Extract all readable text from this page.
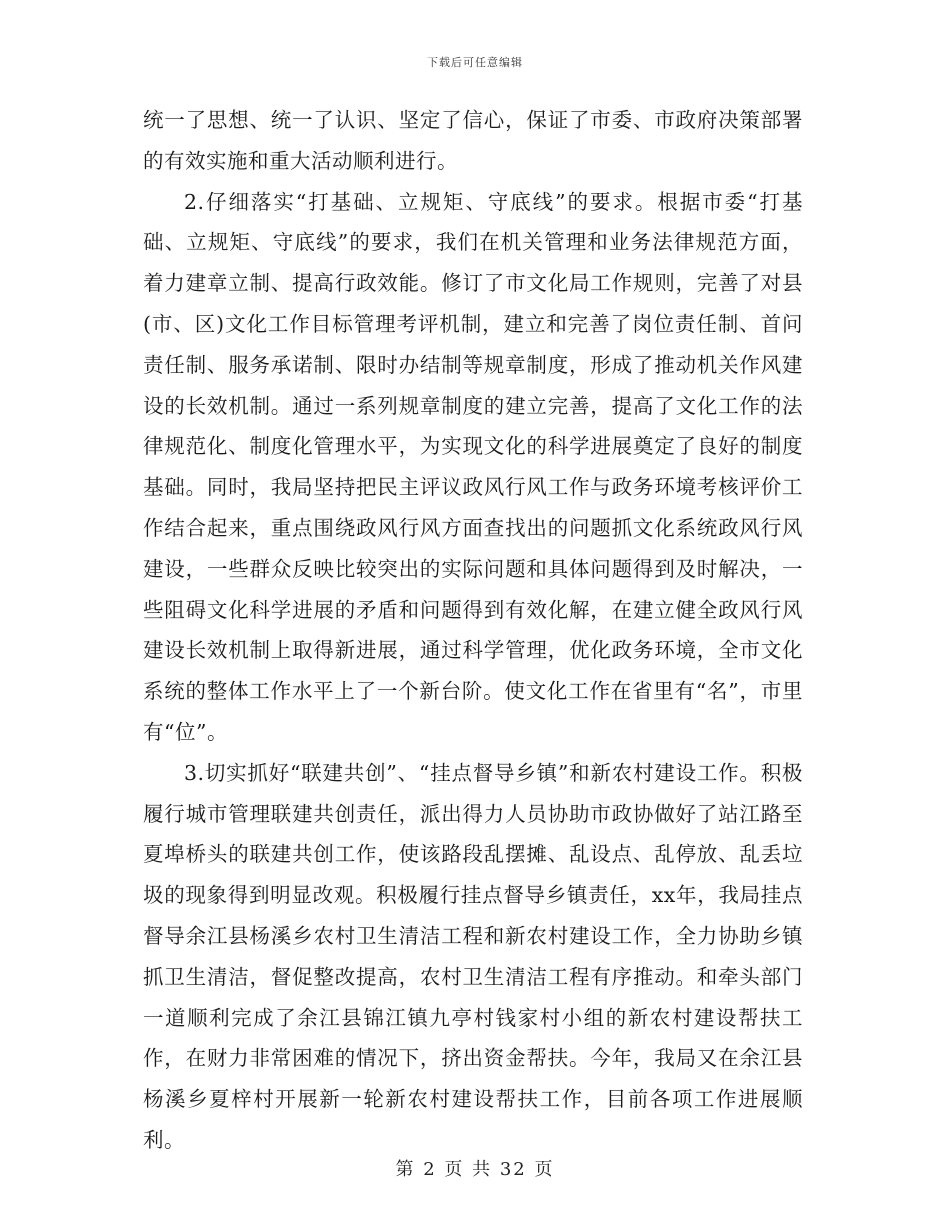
下载后可任意编辑

统一了思想、统一了认识、坚定了信心，保证了市委、市政府决策部署的有效实施和重大活动顺利进行。

2.仔细落实“打基础、立规矩、守底线”的要求。根据市委“打基础、立规矩、守底线”的要求，我们在机关管理和业务法律规范方面，着力建章立制、提高行政效能。修订了市文化局工作规则，完善了对县(市、区)文化工作目标管理考评机制，建立和完善了岗位责任制、首问责任制、服务承诺制、限时办结制等规章制度，形成了推动机关作风建设的长效机制。通过一系列规章制度的建立完善，提高了文化工作的法律规范化、制度化管理水平，为实现文化的科学进展奠定了良好的制度基础。同时，我局坚持把民主评议政风行风工作与政务环境考核评价工作结合起来，重点围绕政风行风方面查找出的问题抓文化系统政风行风建设，一些群众反映比较突出的实际问题和具体问题得到及时解决，一些阻碍文化科学进展的矛盾和问题得到有效化解，在建立健全政风行风建设长效机制上取得新进展，通过科学管理，优化政务环境，全市文化系统的整体工作水平上了一个新台阶。使文化工作在省里有“名”，市里有“位”。

3.切实抓好“联建共创”、“挂点督导乡镇”和新农村建设工作。积极履行城市管理联建共创责任，派出得力人员协助市政协做好了站江路至夏埠桥头的联建共创工作，使该路段乱摆摊、乱设点、乱停放、乱丢垃圾的现象得到明显改观。积极履行挂点督导乡镇责任，xx年，我局挂点督导余江县杨溪乡农村卫生清洁工程和新农村建设工作，全力协助乡镇抓卫生清洁，督促整改提高，农村卫生清洁工程有序推动。和牵头部门一道顺利完成了余江县锦江镇九亭村钱家村小组的新农村建设帮扶工作，在财力非常困难的情况下，挤出资金帮扶。今年，我局又在余江县杨溪乡夏梓村开展新一轮新农村建设帮扶工作，目前各项工作进展顺利。

第 2 页 共 32 页
